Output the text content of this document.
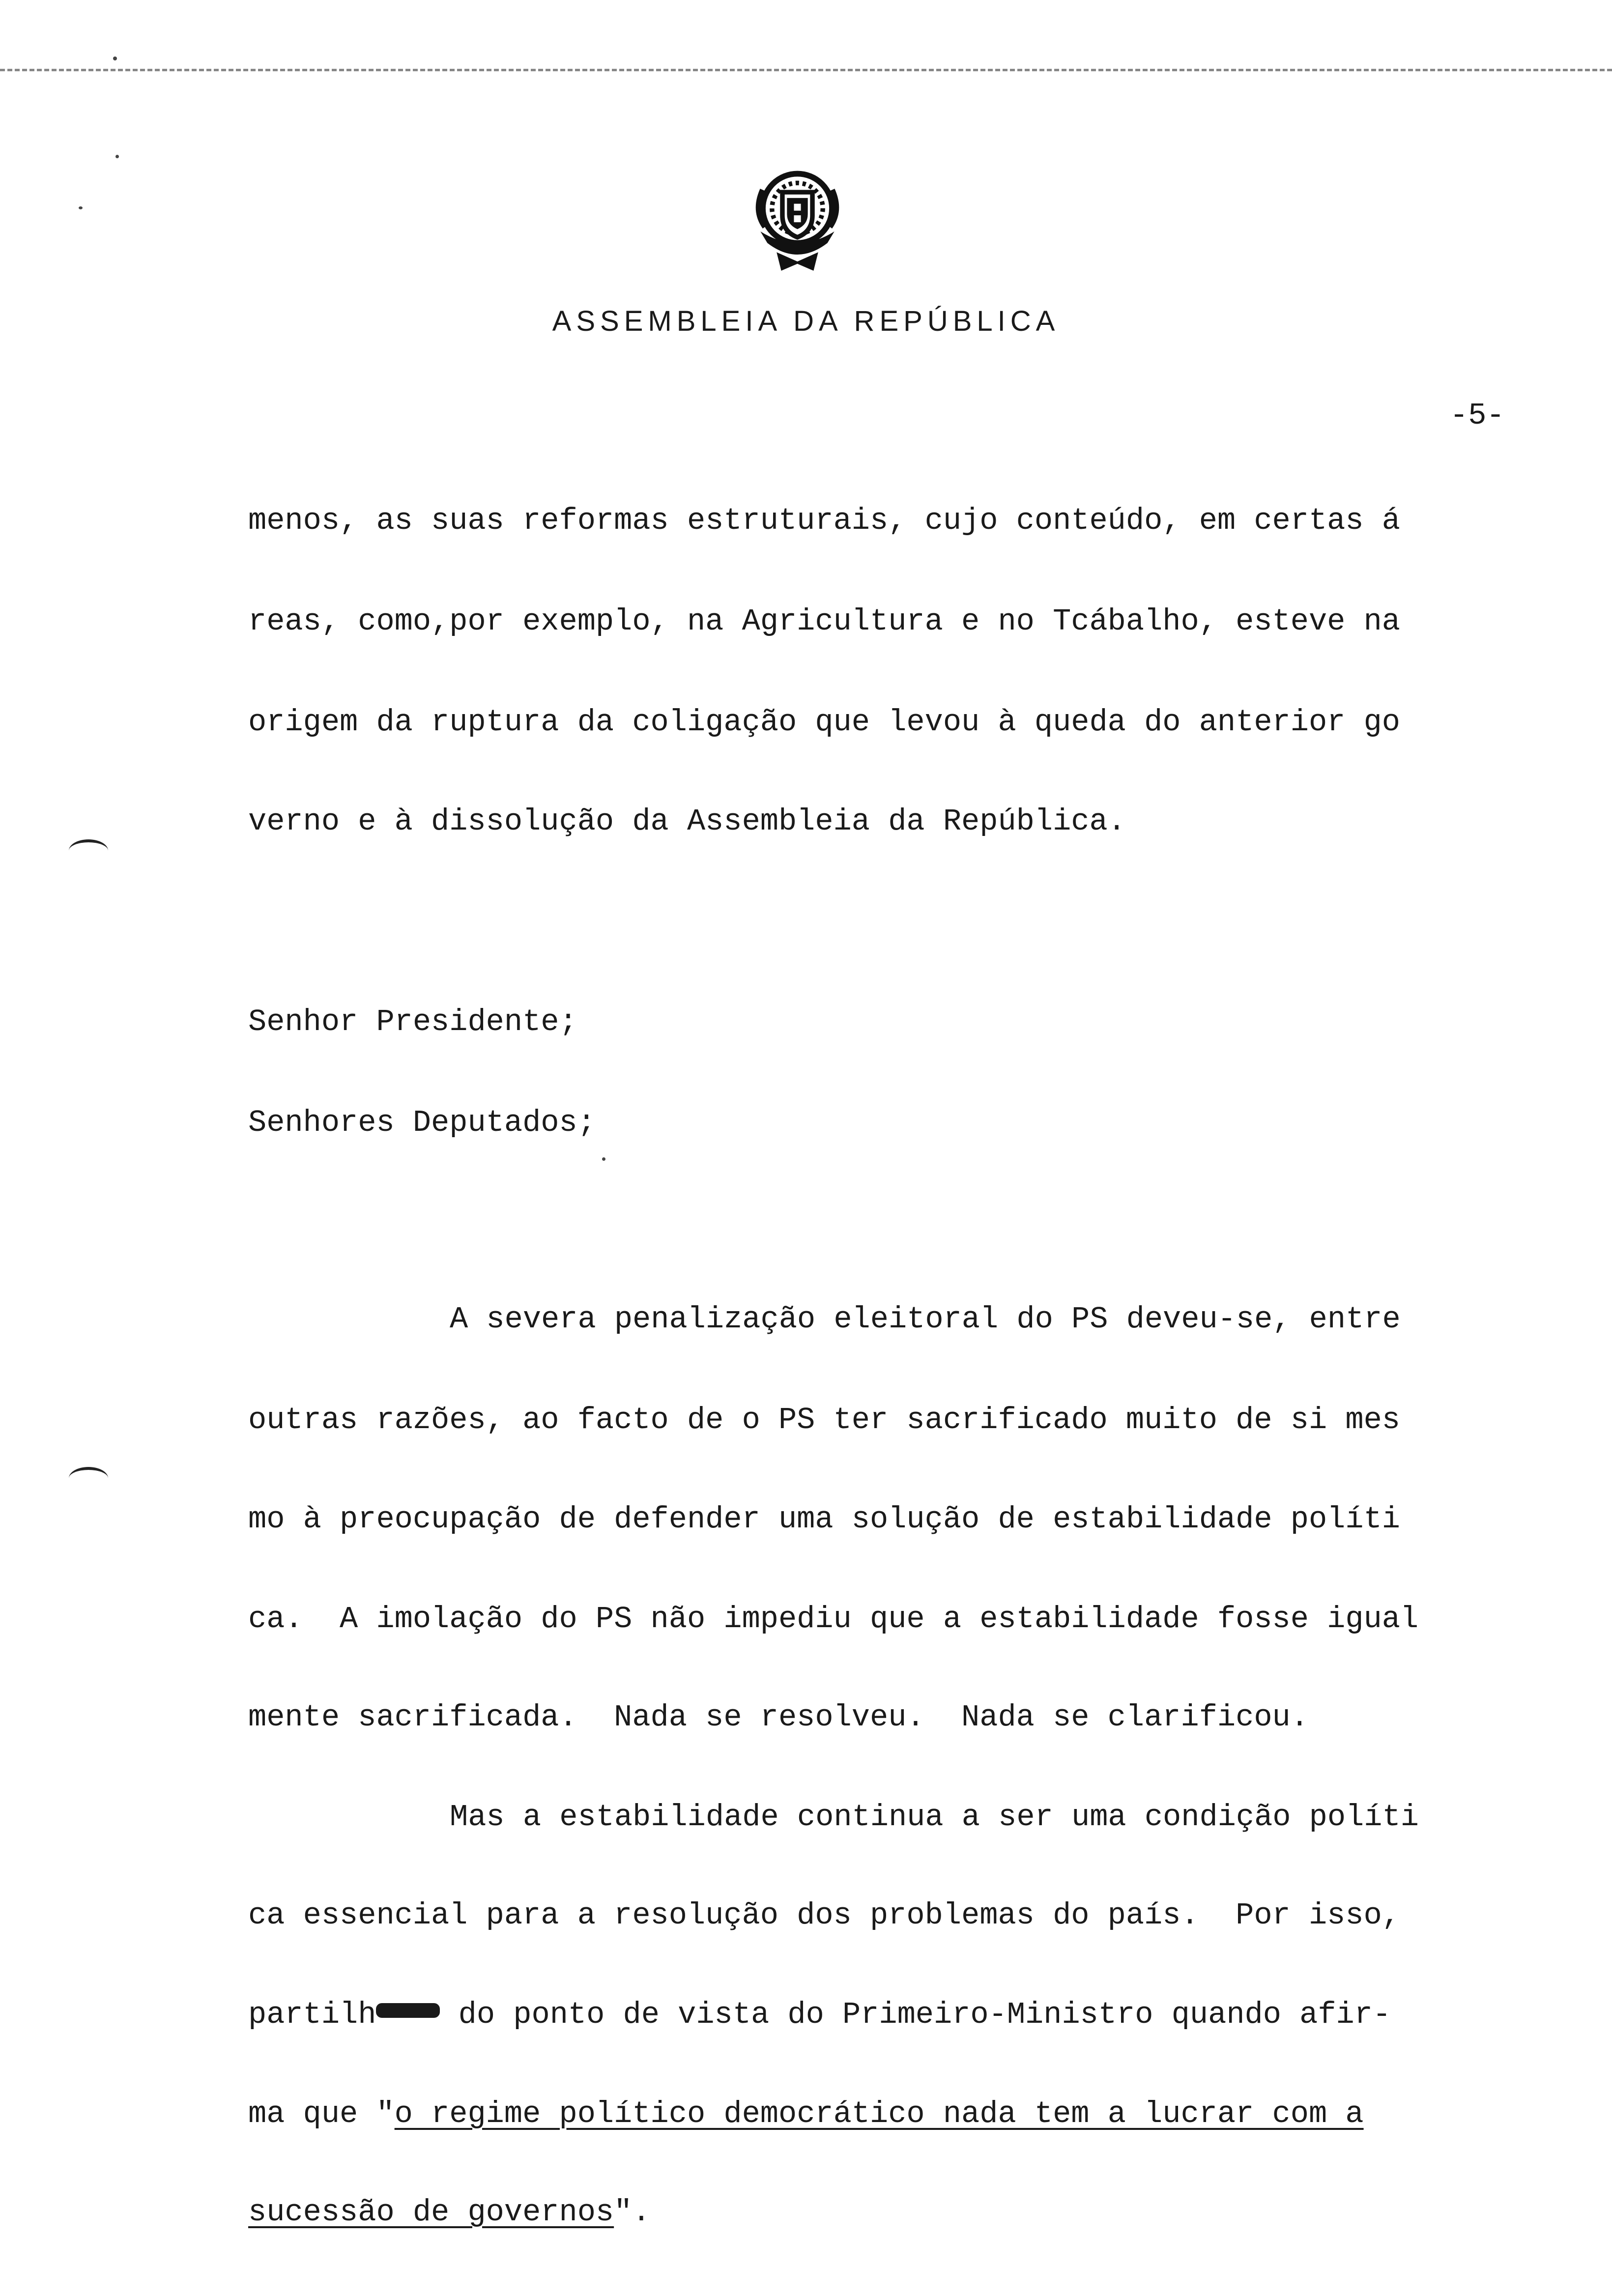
ASSEMBLEIA DA REPÚBLICA
-5-
menos, as suas reformas estruturais, cujo conteúdo, em certas á
reas, como,por exemplo, na Agricultura e no Tcábalho, esteve na
origem da ruptura da coligação que levou à queda do anterior go
verno e à dissolução da Assembleia da República.
Senhor Presidente;
Senhores Deputados;
A severa penalização eleitoral do PS deveu-se, entre
outras razões, ao facto de o PS ter sacrificado muito de si mes
mo à preocupação de defender uma solução de estabilidade políti
ca.  A imolação do PS não impediu que a estabilidade fosse igual
mente sacrificada.  Nada se resolveu.  Nada se clarificou.
Mas a estabilidade continua a ser uma condição políti
ca essencial para a resolução dos problemas do país.  Por isso,
partilh do ponto de vista do Primeiro-Ministro quando afir-
ma que "o regime político democrático nada tem a lucrar com a
sucessão de governos".
